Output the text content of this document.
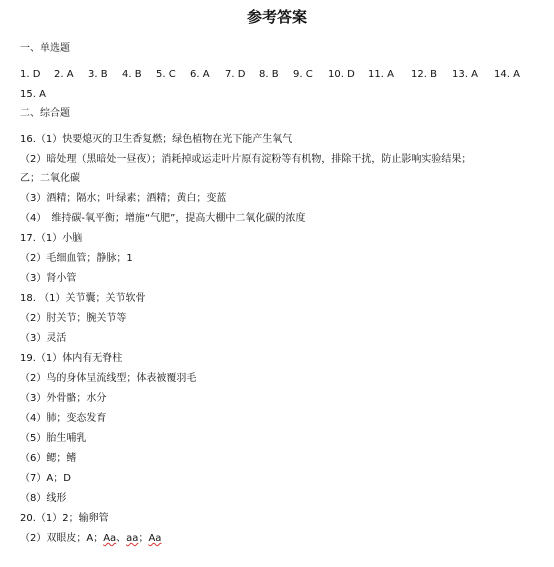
参考答案
一、单选题
1. D 2. A 3. B 4. B 5. C 6. A 7. D 8. B 9. C 10. D 11. A 12. B 13. A 14. A
15. A
二、综合题
16.（1）快要熄灭的卫生香复燃；绿色植物在光下能产生氧气
（2）暗处理（黑暗处一昼夜）；消耗掉或运走叶片原有淀粉等有机物，排除干扰，防止影响实验结果；
乙；二氧化碳
（3）酒精；隔水；叶绿素；酒精；黄白；变蓝
（4）　维持碳-氧平衡；增施“气肥”，提高大棚中二氧化碳的浓度
17.（1）小脑
（2）毛细血管；静脉；1
（3）肾小管
18. （1）关节囊；关节软骨
（2）肘关节；腕关节等
（3）灵活
19.（1）体内有无脊柱
（2）鸟的身体呈流线型；体表被覆羽毛
（3）外骨骼；水分
（4）肺；变态发育
（5）胎生哺乳
（6）鳃；鳍
（7）A；D
（8）线形
20.（1）2；输卵管
（2）双眼皮；A；Aa、aa；Aa
